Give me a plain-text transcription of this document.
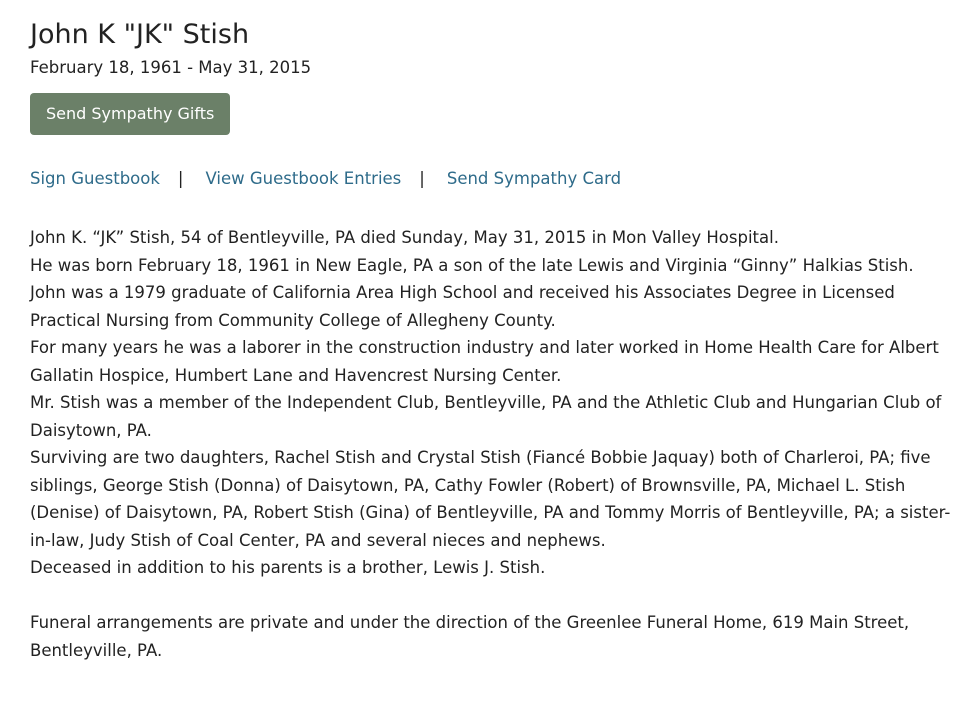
John K "JK" Stish
February 18, 1961 - May 31, 2015
Send Sympathy Gifts
Sign Guestbook | View Guestbook Entries | Send Sympathy Card

John K. “JK” Stish, 54 of Bentleyville, PA died Sunday, May 31, 2015 in Mon Valley Hospital.

He was born February 18, 1961 in New Eagle, PA a son of the late Lewis and Virginia “Ginny” Halkias Stish.

John was a 1979 graduate of California Area High School and received his Associates Degree in Licensed Practical Nursing from Community College of Allegheny County.

For many years he was a laborer in the construction industry and later worked in Home Health Care for Albert Gallatin Hospice, Humbert Lane and Havencrest Nursing Center.

Mr. Stish was a member of the Independent Club, Bentleyville, PA and the Athletic Club and Hungarian Club of Daisytown, PA.

Surviving are two daughters, Rachel Stish and Crystal Stish (Fiancé Bobbie Jaquay) both of Charleroi, PA; five siblings, George Stish (Donna) of Daisytown, PA, Cathy Fowler (Robert) of Brownsville, PA, Michael L. Stish (Denise) of Daisytown, PA, Robert Stish (Gina) of Bentleyville, PA and Tommy Morris of Bentleyville, PA; a sister-in-law, Judy Stish of Coal Center, PA and several nieces and nephews.

Deceased in addition to his parents is a brother, Lewis J. Stish.

Funeral arrangements are private and under the direction of the Greenlee Funeral Home, 619 Main Street, Bentleyville, PA.
